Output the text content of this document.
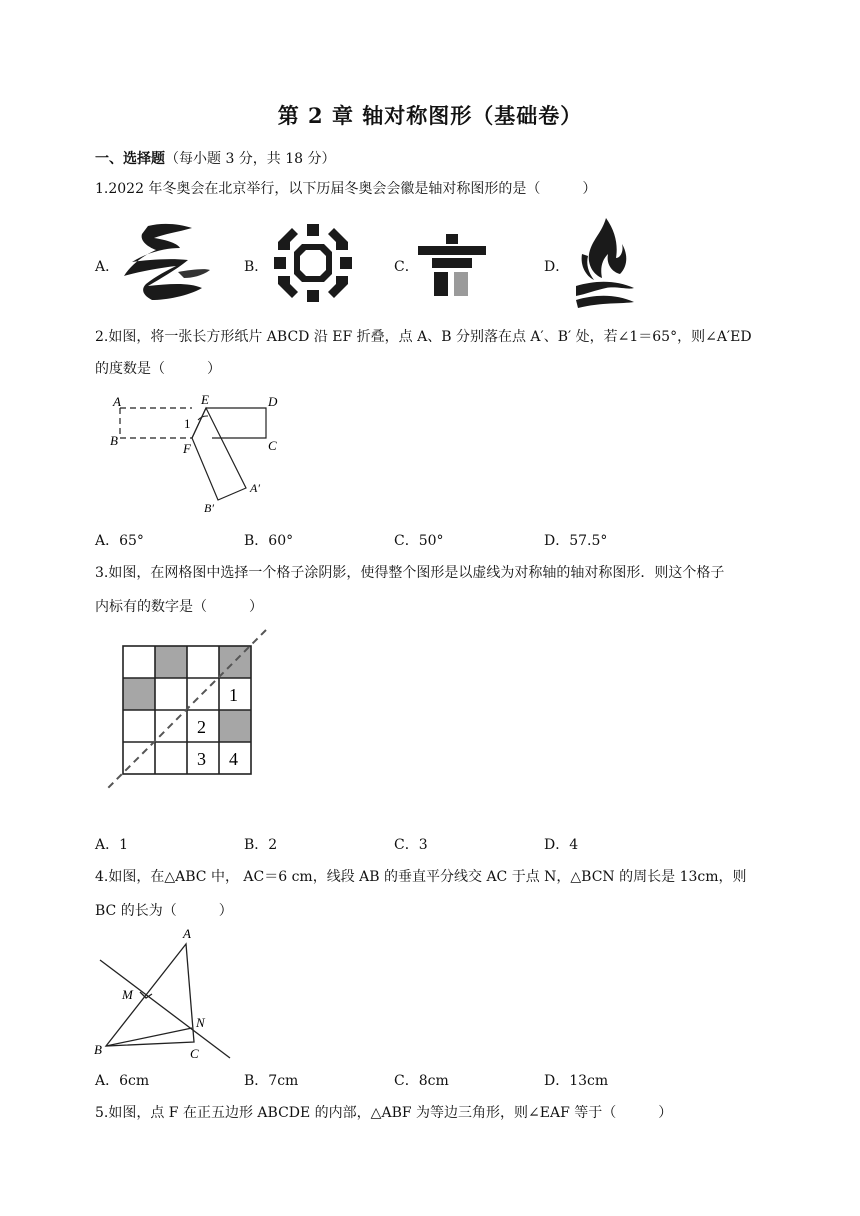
第 2 章 轴对称图形（基础卷）
一、选择题（每小题 3 分，共 18 分）
1.2022 年冬奥会在北京举行，以下历届冬奥会会徽是轴对称图形的是（　　　）
A．	B．	C．	D．
2.如图，将一张长方形纸片 ABCD 沿 EF 折叠，点 A、B 分别落在点 A′、B′ 处，若∠1＝65°，则∠A′ED
的度数是（　　　）
A	E	D
1
B
F	C
A′
B′
A．65°	B．60°	C．50°	D．57.5°
3.如图，在网格图中选择一个格子涂阴影，使得整个图形是以虚线为对称轴的轴对称图形．则这个格子
内标有的数字是（　　　）
1
2
3 4
A．1	B．2	C．3	D．4
4.如图，在△ABC 中， AC＝6 cm，线段 AB 的垂直平分线交 AC 于点 N，△BCN 的周长是 13cm，则
BC 的长为（　　　）
A
M
N
B	C
A．6cm	B．7cm	C．8cm	D．13cm
5.如图，点 F 在正五边形 ABCDE 的内部，△ABF 为等边三角形，则∠EAF 等于（　　　）
